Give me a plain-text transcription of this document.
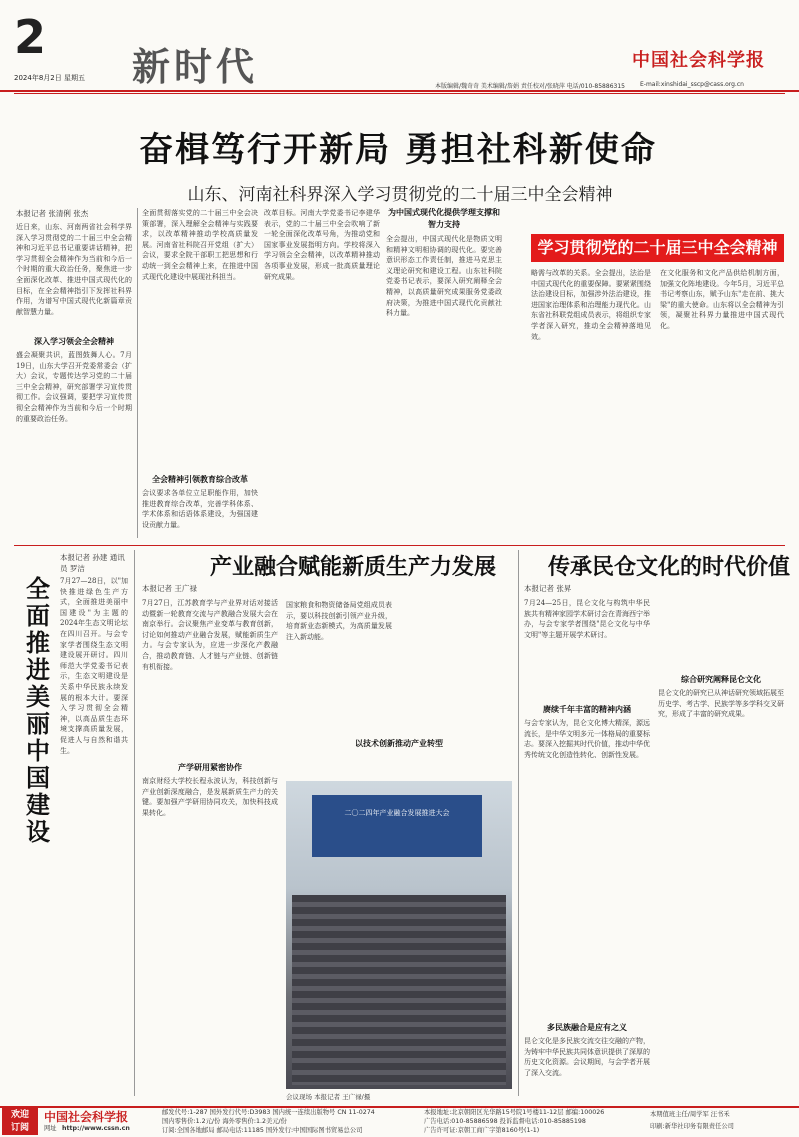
2
2024年8月2日 星期五 新时代	中国社会科学报
本版编辑/魏奇奇 美术编辑/詹娟 责任校对/张晓萍 电话/010-85886315	E-mail:xinshidai_sscp@cass.org.cn
奋楫笃行开新局 勇担社科新使命
山东、河南社科界深入学习贯彻党的二十届三中全会精神
本报记者 张清俐 张杰
近日来，山东、河南两省社会科学界深入学习贯彻党的二十届三中全会精神和习近平总书记重要讲话精神，把学习贯彻全会精神作为当前和今后一个时期的重大政治任务，聚焦进一步全面深化改革、推进中国式现代化的目标，在全会精神指引下发挥社科界作用，为谱写中国式现代化新篇章贡献智慧力量。
深入学习领会全会精神
盛会凝聚共识，蓝图鼓舞人心。7月19日，山东大学召开党委常委会（扩大）会议，专题传达学习党的二十届三中全会精神，研究部署学习宣传贯彻工作。会议强调，要把学习宣传贯彻全会精神作为当前和今后一个时期的重要政治任务。
全面贯彻落实党的二十届三中全会决策部署，深入理解全会精神与实践要求，以改革精神推动学校高质量发展。河南省社科院召开党组（扩大）会议，要求全院干部职工把思想和行动统一到全会精神上来，在推进中国式现代化建设中展现社科担当。
全会精神引领教育综合改革
会议要求各单位立足职能作用，加快推进教育综合改革，完善学科体系、学术体系和话语体系建设，为强国建设贡献力量。
改革目标。河南大学党委书记李建华表示，党的二十届三中全会吹响了新一轮全面深化改革号角，为推动党和国家事业发展指明方向。学校将深入学习领会全会精神，以改革精神推动各项事业发展，形成一批高质量理论研究成果。
为中国式现代化提供学理支撑和智力支持
全会提出，中国式现代化是物质文明和精神文明相协调的现代化。要完善意识形态工作责任制，推进马克思主义理论研究和建设工程。山东社科院党委书记表示，要深入研究阐释全会精神，以高质量研究成果服务党委政府决策，为推进中国式现代化贡献社科力量。
学习贯彻党的二十届三中全会精神
略需与改革的关系。全会提出，法治是中国式现代化的重要保障。要紧紧围绕法治建设目标，加强涉外法治建设，推进国家治理体系和治理能力现代化。山东省社科联党组成员表示，将组织专家学者深入研究，推动全会精神落地见效。
在文化服务和文化产品供给机制方面，加强文化阵地建设。今年5月，习近平总书记考察山东，赋予山东"走在前、挑大梁"的重大使命。山东将以全会精神为引领，凝聚社科界力量推进中国式现代化。
全面推进美丽中国建设
本报记者 孙建 通讯员 罗洁
7月27—28日，以"加快推进绿色生产方式，全面推进美丽中国建设"为主题的2024年生态文明论坛在四川召开。与会专家学者围绕生态文明建设展开研讨。四川师范大学党委书记表示，生态文明建设是关系中华民族永续发展的根本大计。要深入学习贯彻全会精神，以高品质生态环境支撑高质量发展，促进人与自然和谐共生。
产业融合赋能新质生产力发展
本报记者 王广禄
7月27日，江苏教育学与产业界对话对接活动暨新一轮教育交流与产教融合发展大会在南京举行。会议聚焦产业变革与教育创新，讨论如何推动产业融合发展，赋能新质生产力。与会专家认为，应进一步深化产教融合，推动教育链、人才链与产业链、创新链有机衔接。
产学研用紧密协作
南京财经大学校长程永波认为，科技创新与产业创新深度融合，是发展新质生产力的关键。要加强产学研用协同攻关，加快科技成果转化。
以技术创新推动产业转型
国家粮食和物资储备局党组成员表示，要以科技创新引领产业升级，培育新业态新模式，为高质量发展注入新动能。
二〇二四年产业融合发展推进大会
会议现场 本报记者 王广禄/摄
传承民仓文化的时代价值
本报记者 张昇
7月24—25日，昆仑文化与构筑中华民族共有精神家园学术研讨会在青海西宁举办，与会专家学者围绕"昆仑文化与中华文明"等主题开展学术研讨。
赓续千年丰富的精神内涵
与会专家认为，昆仑文化博大精深，源远流长，是中华文明多元一体格局的重要标志。要深入挖掘其时代价值，推动中华优秀传统文化创造性转化、创新性发展。
多民族融合是应有之义
昆仑文化是多民族交流交往交融的产物，为铸牢中华民族共同体意识提供了深厚的历史文化资源。会议期间，与会学者开展了深入交流。
综合研究阐释昆仑文化
昆仑文化的研究已从神话研究领域拓展至历史学、考古学、民族学等多学科交叉研究，形成了丰富的研究成果。
欢迎
订阅
中国社会科学报
网址 http://www.cssn.cn
邮发代号:1-287 国外发行代号:D3983 国内统一连续出版物号 CN 11-0274
国内零售价:1.2元/份 海外零售价:1.2美元/份
订阅:全国各地邮局 邮局电话:11185 国外发行:中国国际图书贸易总公司
本报地址:北京朝阳区光华路15号院1号楼11-12层 邮编:100026
广告电话:010-85886598 投诉监督电话:010-85885198
广告许可证:京朝工商广字第8160号(1-1)
本期值班主任/周学军 汪书禾
印刷:新华社印务有限责任公司
